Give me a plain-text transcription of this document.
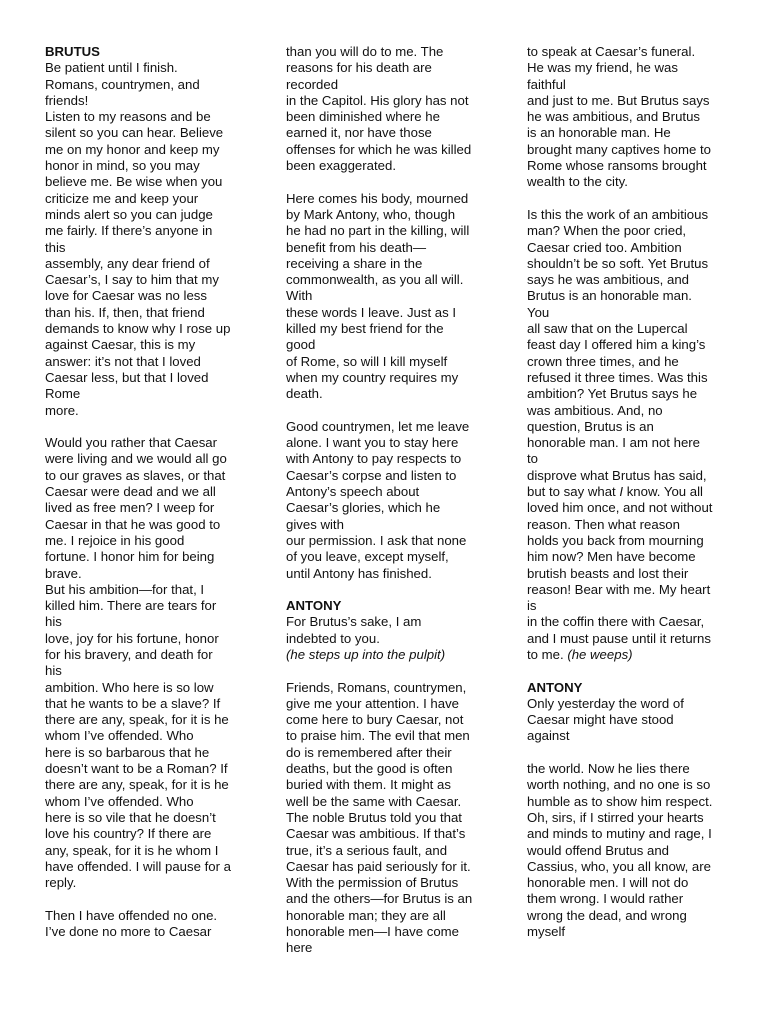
BRUTUS
Be patient until I finish.
Romans, countrymen, and
friends!
Listen to my reasons and be
silent so you can hear. Believe
me on my honor and keep my
honor in mind, so you may
believe me. Be wise when you
criticize me and keep your
minds alert so you can judge
me fairly. If there’s anyone in
this
assembly, any dear friend of
Caesar’s, I say to him that my
love for Caesar was no less
than his. If, then, that friend
demands to know why I rose up
against Caesar, this is my
answer: it’s not that I loved
Caesar less, but that I loved
Rome
more.
Would you rather that Caesar
were living and we would all go
to our graves as slaves, or that
Caesar were dead and we all
lived as free men? I weep for
Caesar in that he was good to
me. I rejoice in his good
fortune. I honor him for being
brave.
But his ambition—for that, I
killed him. There are tears for
his
love, joy for his fortune, honor
for his bravery, and death for
his
ambition. Who here is so low
that he wants to be a slave? If
there are any, speak, for it is he
whom I’ve offended. Who
here is so barbarous that he
doesn’t want to be a Roman? If
there are any, speak, for it is he
whom I’ve offended. Who
here is so vile that he doesn’t
love his country? If there are
any, speak, for it is he whom I
have offended. I will pause for a
reply.
Then I have offended no one.
I’ve done no more to Caesar
than you will do to me. The
reasons for his death are
recorded
in the Capitol. His glory has not
been diminished where he
earned it, nor have those
offenses for which he was killed
been exaggerated.
Here comes his body, mourned
by Mark Antony, who, though
he had no part in the killing, will
benefit from his death—
receiving a share in the
commonwealth, as you all will.
With
these words I leave. Just as I
killed my best friend for the
good
of Rome, so will I kill myself
when my country requires my
death.
Good countrymen, let me leave
alone. I want you to stay here
with Antony to pay respects to
Caesar’s corpse and listen to
Antony’s speech about
Caesar’s glories, which he
gives with
our permission. I ask that none
of you leave, except myself,
until Antony has finished.
ANTONY
For Brutus’s sake, I am
indebted to you.
(he steps up into the pulpit)
Friends, Romans, countrymen,
give me your attention. I have
come here to bury Caesar, not
to praise him. The evil that men
do is remembered after their
deaths, but the good is often
buried with them. It might as
well be the same with Caesar.
The noble Brutus told you that
Caesar was ambitious. If that’s
true, it’s a serious fault, and
Caesar has paid seriously for it.
With the permission of Brutus
and the others—for Brutus is an
honorable man; they are all
honorable men—I have come
here
to speak at Caesar’s funeral.
He was my friend, he was
faithful
and just to me. But Brutus says
he was ambitious, and Brutus
is an honorable man. He
brought many captives home to
Rome whose ransoms brought
wealth to the city.
Is this the work of an ambitious
man? When the poor cried,
Caesar cried too. Ambition
shouldn’t be so soft. Yet Brutus
says he was ambitious, and
Brutus is an honorable man.
You
all saw that on the Lupercal
feast day I offered him a king’s
crown three times, and he
refused it three times. Was this
ambition? Yet Brutus says he
was ambitious. And, no
question, Brutus is an
honorable man. I am not here
to
disprove what Brutus has said,
but to say what I know. You all
loved him once, and not without
reason. Then what reason
holds you back from mourning
him now? Men have become
brutish beasts and lost their
reason! Bear with me. My heart
is
in the coffin there with Caesar,
and I must pause until it returns
to me. (he weeps)
ANTONY
Only yesterday the word of
Caesar might have stood
against
the world. Now he lies there
worth nothing, and no one is so
humble as to show him respect.
Oh, sirs, if I stirred your hearts
and minds to mutiny and rage, I
would offend Brutus and
Cassius, who, you all know, are
honorable men. I will not do
them wrong. I would rather
wrong the dead, and wrong
myself
